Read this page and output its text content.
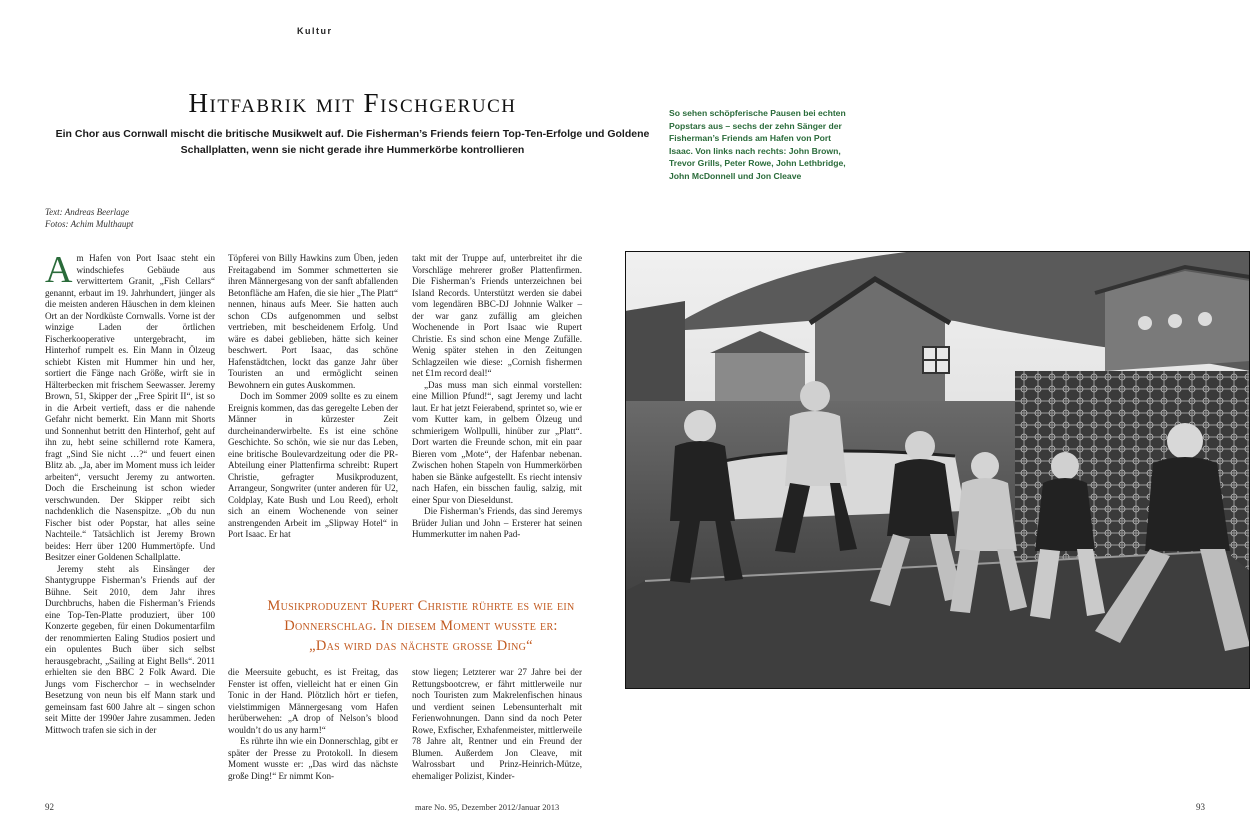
Kultur
Hitfabrik mit Fischgeruch
Ein Chor aus Cornwall mischt die britische Musikwelt auf. Die Fisherman’s Friends feiern Top-Ten-Erfolge und Goldene Schallplatten, wenn sie nicht gerade ihre Hummerkörbe kontrollieren
Text: Andreas Beerlage
Fotos: Achim Multhaupt

Am Hafen von Port Isaac steht ein windschiefes Gebäude aus verwittertem Granit, „Fish Cellars“ genannt, erbaut im 19. Jahrhundert, jünger als die meisten anderen Häuschen in dem kleinen Ort an der Nordküste Cornwalls. Vorne ist der winzige Laden der örtlichen Fischerkooperative untergebracht, im Hinterhof rumpelt es. Ein Mann in Ölzeug schiebt Kisten mit Hummer hin und her, sortiert die Fänge nach Größe, wirft sie in Hälterbecken mit frischem Seewasser. Jeremy Brown, 51, Skipper der „Free Spirit II“, ist so in die Arbeit vertieft, dass er die nahende Gefahr nicht bemerkt. Ein Mann mit Shorts und Sonnenhut betritt den Hinterhof, geht auf ihn zu, hebt seine schillernd rote Kamera, fragt „Sind Sie nicht …?“ und feuert einen Blitz ab. „Ja, aber im Moment muss ich leider arbeiten“, versucht Jeremy zu antworten. Doch die Erscheinung ist schon wieder verschwunden. Der Skipper reibt sich nachdenklich die Nasenspitze. „Ob du nun Fischer bist oder Popstar, hat alles seine Nachteile.“ Tatsächlich ist Jeremy Brown beides: Herr über 1200 Hummertöpfe. Und Besitzer einer Goldenen Schallplatte.

Jeremy steht als Einsänger der Shantygruppe Fisherman’s Friends auf der Bühne. Seit 2010, dem Jahr ihres Durchbruchs, haben die Fisherman’s Friends eine Top-Ten-Platte produziert, über 100 Konzerte gegeben, für einen Dokumentarfilm der renommierten Ealing Studios posiert und ein opulentes Buch über sich selbst herausgebracht, „Sailing at Eight Bells“. 2011 erhielten sie den BBC 2 Folk Award. Die Jungs vom Fischerchor – in wechselnder Besetzung von neun bis elf Mann stark und gemeinsam fast 600 Jahre alt – singen schon seit Mitte der 1990er Jahre zusammen. Jeden Mittwoch trafen sie sich in der

Töpferei von Billy Hawkins zum Üben, jeden Freitagabend im Sommer schmetterten sie ihren Männergesang von der sanft abfallenden Betonfläche am Hafen, die sie hier „The Platt“ nennen, hinaus aufs Meer. Sie hatten auch schon CDs aufgenommen und selbst vertrieben, mit bescheidenem Erfolg. Und wäre es dabei geblieben, hätte sich keiner beschwert. Port Isaac, das schöne Hafenstädtchen, lockt das ganze Jahr über Touristen an und ermöglicht seinen Bewohnern ein gutes Auskommen.

Doch im Sommer 2009 sollte es zu einem Ereignis kommen, das das geregelte Leben der Männer in kürzester Zeit durcheinanderwirbelte. Es ist eine schöne Geschichte. So schön, wie sie nur das Leben, eine britische Boulevardzeitung oder die PR-Abteilung einer Plattenfirma schreibt: Rupert Christie, gefragter Musikproduzent, Arrangeur, Songwriter (unter anderen für U2, Coldplay, Kate Bush und Lou Reed), erholt sich an einem Wochenende von seiner anstrengenden Arbeit im „Slipway Hotel“ in Port Isaac. Er hat

takt mit der Truppe auf, unterbreitet ihr die Vorschläge mehrerer großer Plattenfirmen. Die Fisherman’s Friends unterzeichnen bei Island Records. Unterstützt werden sie dabei vom legendären BBC-DJ Johnnie Walker – der war ganz zufällig am gleichen Wochenende in Port Isaac wie Rupert Christie. Es sind schon eine Menge Zufälle. Wenig später stehen in den Zeitungen Schlagzeilen wie diese: „Cornish fishermen net £1m record deal!“

„Das muss man sich einmal vorstellen: eine Million Pfund!“, sagt Jeremy und lacht laut. Er hat jetzt Feierabend, sprintet so, wie er vom Kutter kam, in gelbem Ölzeug und schmierigem Wollpulli, hinüber zur „Platt“. Dort warten die Freunde schon, mit ein paar Bieren vom „Mote“, der Hafenbar nebenan. Zwischen hohen Stapeln von Hummerkörben haben sie Bänke aufgestellt. Es riecht intensiv nach Hafen, ein bisschen faulig, salzig, mit einer Spur von Dieseldunst.

Die Fisherman’s Friends, das sind Jeremys Brüder Julian und John – Ersterer hat seinen Hummerkutter im nahen Pad-

Musikproduzent Rupert Christie rührte es wie ein
Donnerschlag. In diesem Moment wusste er:
„Das wird das nächste grosse Ding“

die Meersuite gebucht, es ist Freitag, das Fenster ist offen, vielleicht hat er einen Gin Tonic in der Hand. Plötzlich hört er tiefen, vielstimmigen Männergesang vom Hafen herüberwehen: „A drop of Nelson’s blood wouldn’t do us any harm!“

Es rührte ihn wie ein Donnerschlag, gibt er später der Presse zu Protokoll. In diesem Moment wusste er: „Das wird das nächste große Ding!“ Er nimmt Kon-

stow liegen; Letzterer war 27 Jahre bei der Rettungsbootcrew, er fährt mittlerweile nur noch Touristen zum Makrelenfischen hinaus und verdient seinen Lebensunterhalt mit Ferienwohnungen. Dann sind da noch Peter Rowe, Exfischer, Exhafenmeister, mittlerweile 78 Jahre alt, Rentner und ein Freund der Blumen. Außerdem Jon Cleave, mit Walrossbart und Prinz-Heinrich-Mütze, ehemaliger Polizist, Kinder-

So sehen schöpferische Pausen bei echten Popstars aus – sechs der zehn Sänger der Fisherman’s Friends am Hafen von Port Isaac. Von links nach rechts: John Brown, Trevor Grills, Peter Rowe, John Lethbridge, John McDonnell und Jon Cleave
92	mare No. 95, Dezember 2012/Januar 2013	93
